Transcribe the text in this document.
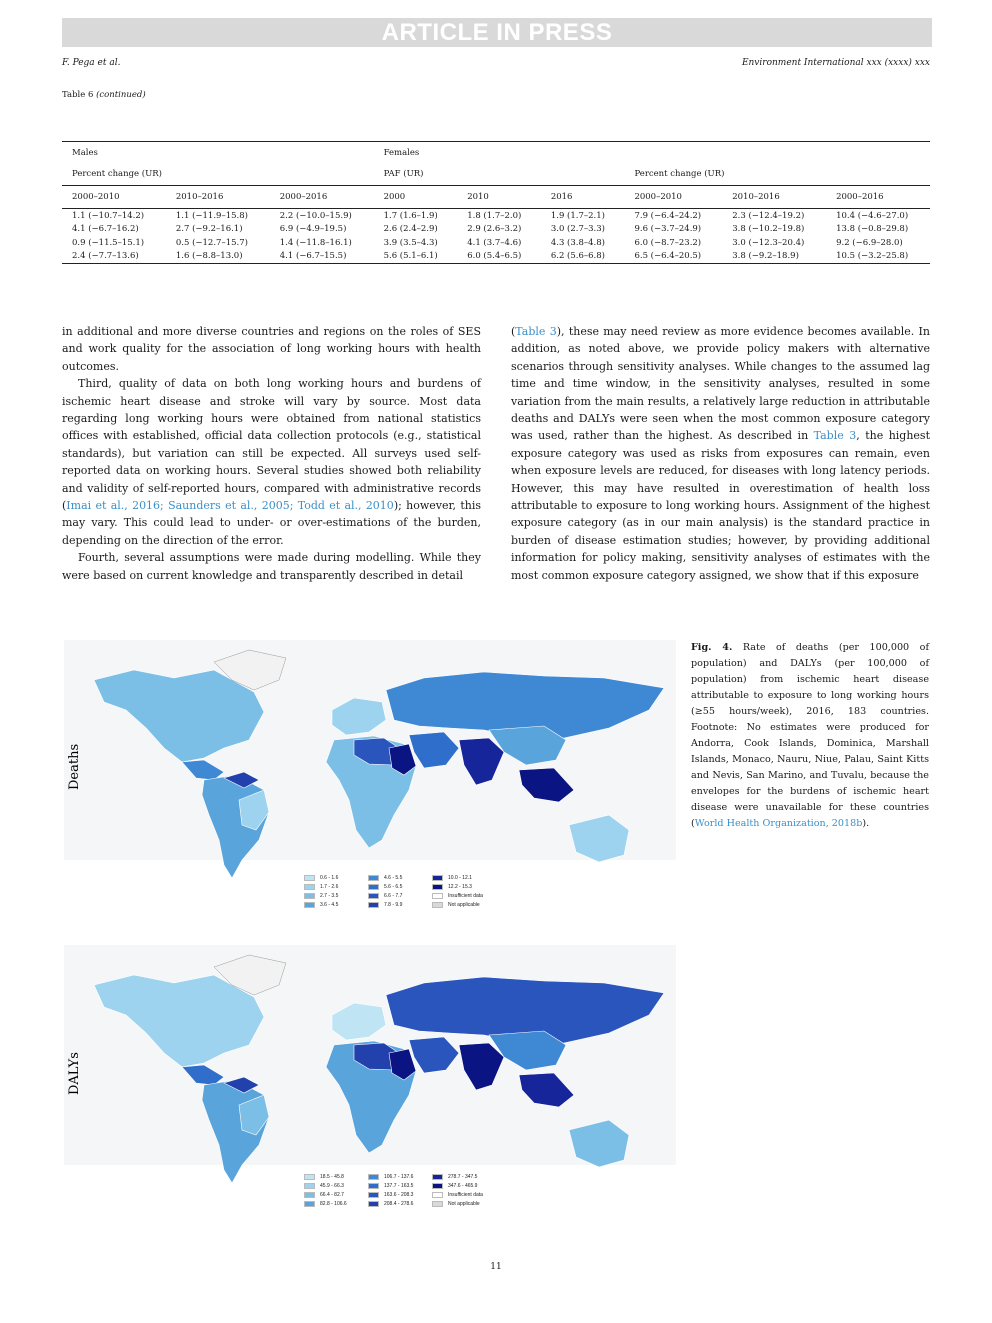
ARTICLE IN PRESS
F. Pega et al.	Environment International xxx (xxxx) xxx
Table 6 (continued)
Males			Females					
Percent change (UR)			PAF (UR)			Percent change (UR)		
2000–2010	2010–2016	2000–2016	2000	2010	2016	2000–2010	2010–2016	2000–2016
1.1 (−10.7–14.2)	1.1 (−11.9–15.8)	2.2 (−10.0–15.9)	1.7 (1.6–1.9)	1.8 (1.7–2.0)	1.9 (1.7–2.1)	7.9 (−6.4–24.2)	2.3 (−12.4–19.2)	10.4 (−4.6–27.0)
4.1 (−6.7–16.2)	2.7 (−9.2–16.1)	6.9 (−4.9–19.5)	2.6 (2.4–2.9)	2.9 (2.6–3.2)	3.0 (2.7–3.3)	9.6 (−3.7–24.9)	3.8 (−10.2–19.8)	13.8 (−0.8–29.8)
0.9 (−11.5–15.1)	0.5 (−12.7–15.7)	1.4 (−11.8–16.1)	3.9 (3.5–4.3)	4.1 (3.7–4.6)	4.3 (3.8–4.8)	6.0 (−8.7–23.2)	3.0 (−12.3–20.4)	9.2 (−6.9–28.0)
2.4 (−7.7–13.6)	1.6 (−8.8–13.0)	4.1 (−6.7–15.5)	5.6 (5.1–6.1)	6.0 (5.4–6.5)	6.2 (5.6–6.8)	6.5 (−6.4–20.5)	3.8 (−9.2–18.9)	10.5 (−3.2–25.8)

in additional and more diverse countries and regions on the roles of SES and work quality for the association of long working hours with health outcomes.

Third, quality of data on both long working hours and burdens of ischemic heart disease and stroke will vary by source. Most data regarding long working hours were obtained from national statistics offices with established, official data collection protocols (e.g., statistical standards), but variation can still be expected. All surveys used self-reported data on working hours. Several studies showed both reliability and validity of self-reported hours, compared with administrative records (Imai et al., 2016; Saunders et al., 2005; Todd et al., 2010); however, this may vary. This could lead to under- or over-estimations of the burden, depending on the direction of the error.

Fourth, several assumptions were made during modelling. While they were based on current knowledge and transparently described in detail

(Table 3), these may need review as more evidence becomes available. In addition, as noted above, we provide policy makers with alternative scenarios through sensitivity analyses. While changes to the assumed lag time and time window, in the sensitivity analyses, resulted in some variation from the main results, a relatively large reduction in attributable deaths and DALYs were seen when the most common exposure category was used, rather than the highest. As described in Table 3, the highest exposure category was used as risks from exposures can remain, even when exposure levels are reduced, for diseases with long latency periods. However, this may have resulted in overestimation of health loss attributable to exposure to long working hours. Assignment of the highest exposure category (as in our main analysis) is the standard practice in burden of disease estimation studies; however, by providing additional information for policy making, sensitivity analyses of estimates with the most common exposure category assigned, we show that if this exposure

Deaths
0.6 - 1.6
1.7 - 2.6
2.7 - 3.5
3.6 - 4.5
4.6 - 5.5
5.6 - 6.5
6.6 - 7.7
7.8 - 9.9
10.0 - 12.1
12.2 - 15.3
Insufficient data
Not applicable
DALYs
18.5 - 45.8
45.9 - 66.3
66.4 - 82.7
82.8 - 106.6
106.7 - 137.6
137.7 - 163.5
163.6 - 208.3
208.4 - 278.6
278.7 - 347.5
347.6 - 465.9
Insufficient data
Not applicable
Fig. 4. Rate of deaths (per 100,000 of population) and DALYs (per 100,000 of population) from ischemic heart disease attributable to exposure to long working hours (≥55 hours/week), 2016, 183 countries. Footnote: No estimates were produced for Andorra, Cook Islands, Dominica, Marshall Islands, Monaco, Nauru, Niue, Palau, Saint Kitts and Nevis, San Marino, and Tuvalu, because the envelopes for the burdens of ischemic heart disease were unavailable for these countries (World Health Organization, 2018b).
11
